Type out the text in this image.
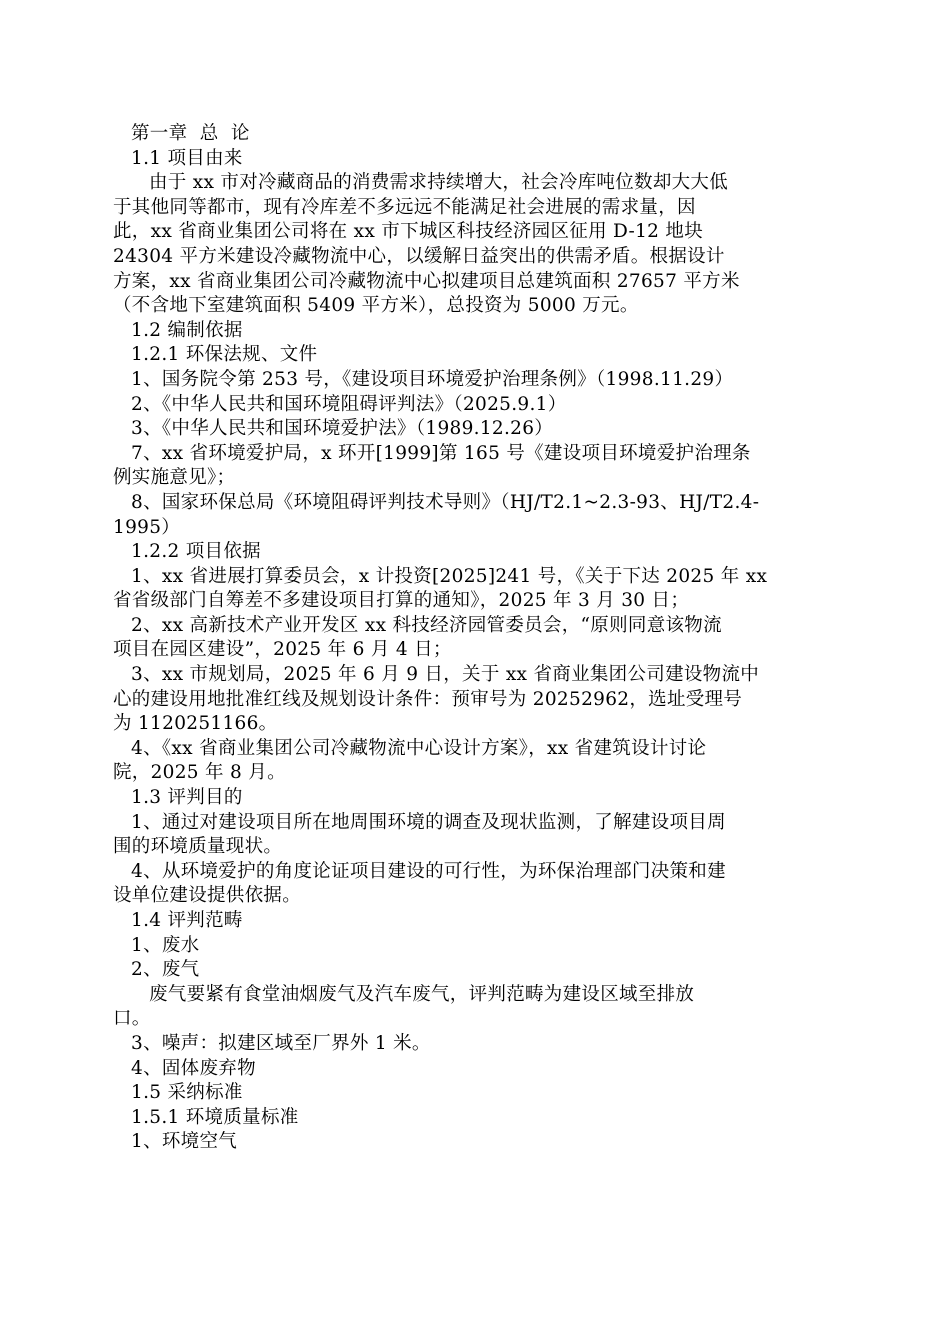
第一章  总  论
1.1 项目由来
由于 xx 市对冷藏商品的消费需求持续增大，社会冷库吨位数却大大低
于其他同等都市，现有冷库差不多远远不能满足社会进展的需求量，因
此，xx 省商业集团公司将在 xx 市下城区科技经济园区征用 D-12 地块
24304 平方米建设冷藏物流中心，以缓解日益突出的供需矛盾。根据设计
方案，xx 省商业集团公司冷藏物流中心拟建项目总建筑面积 27657 平方米
（不含地下室建筑面积 5409 平方米），总投资为 5000 万元。
1.2 编制依据
1.2.1 环保法规、文件
1、国务院令第 253 号，《建设项目环境爱护治理条例》（1998.11.29）
2、《中华人民共和国环境阻碍评判法》（2025.9.1）
3、《中华人民共和国环境爱护法》（1989.12.26）
7、xx 省环境爱护局，x 环开[1999]第 165 号《建设项目环境爱护治理条
例实施意见》；
8、国家环保总局《环境阻碍评判技术导则》（HJ/T2.1~2.3-93、HJ/T2.4-
1995）
1.2.2 项目依据
1、xx 省进展打算委员会，x 计投资[2025]241 号，《关于下达 2025 年 xx
省省级部门自筹差不多建设项目打算的通知》，2025 年 3 月 30 日；
2、xx 高新技术产业开发区 xx 科技经济园管委员会，“原则同意该物流
项目在园区建设”，2025 年 6 月 4 日；
3、xx 市规划局，2025 年 6 月 9 日，关于 xx 省商业集团公司建设物流中
心的建设用地批准红线及规划设计条件：预审号为 20252962，选址受理号
为 1120251166。
4、《xx 省商业集团公司冷藏物流中心设计方案》，xx 省建筑设计讨论
院，2025 年 8 月。
1.3 评判目的
1、通过对建设项目所在地周围环境的调查及现状监测，了解建设项目周
围的环境质量现状。
4、从环境爱护的角度论证项目建设的可行性，为环保治理部门决策和建
设单位建设提供依据。
1.4 评判范畴
1、废水
2、废气
废气要紧有食堂油烟废气及汽车废气，评判范畴为建设区域至排放
口。
3、噪声：拟建区域至厂界外 1 米。
4、固体废弃物
1.5 采纳标准
1.5.1 环境质量标准
1、环境空气
